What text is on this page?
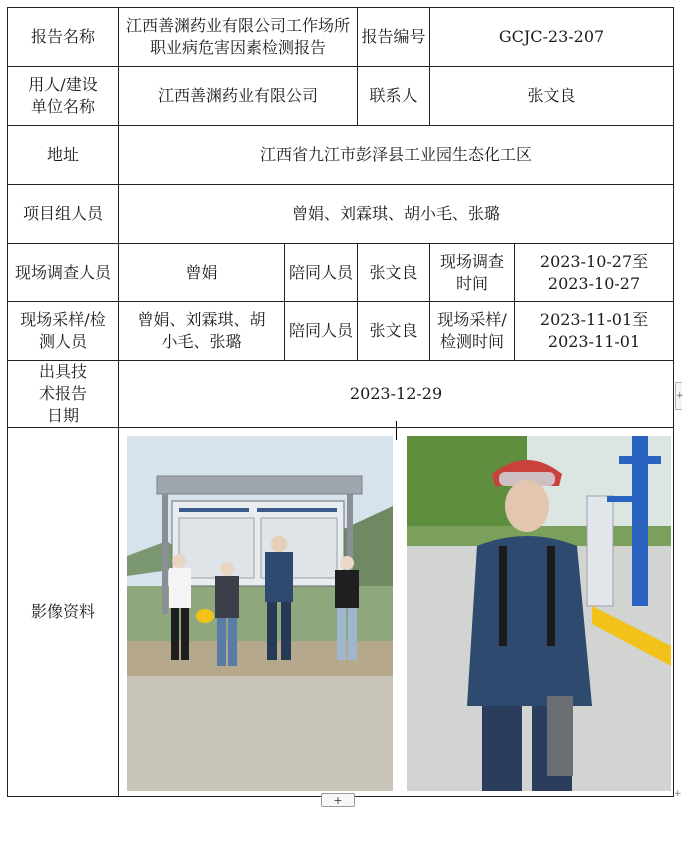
报告名称	江西善渊药业有限公司工作场所职业病危害因素检测报告		报告编号	GCJC-23-207	
用人/建设单位名称	江西善渊药业有限公司		联系人	张文良	
地址	江西省九江市彭泽县工业园生态化工区				
项目组人员	曾娟、刘霖琪、胡小毛、张璐				
现场调查人员	曾娟	陪同人员	张文良	现场调查时间	2023-10-27至
2023-10-27

现场采样/检测人员	曾娟、刘霖琪、胡小毛、张璐	陪同人员	张文良	现场采样/检测时间	2023-11-01至
2023-11-01

出具技术报告日期	2023-12-29				
影像资料	
+
+
+
